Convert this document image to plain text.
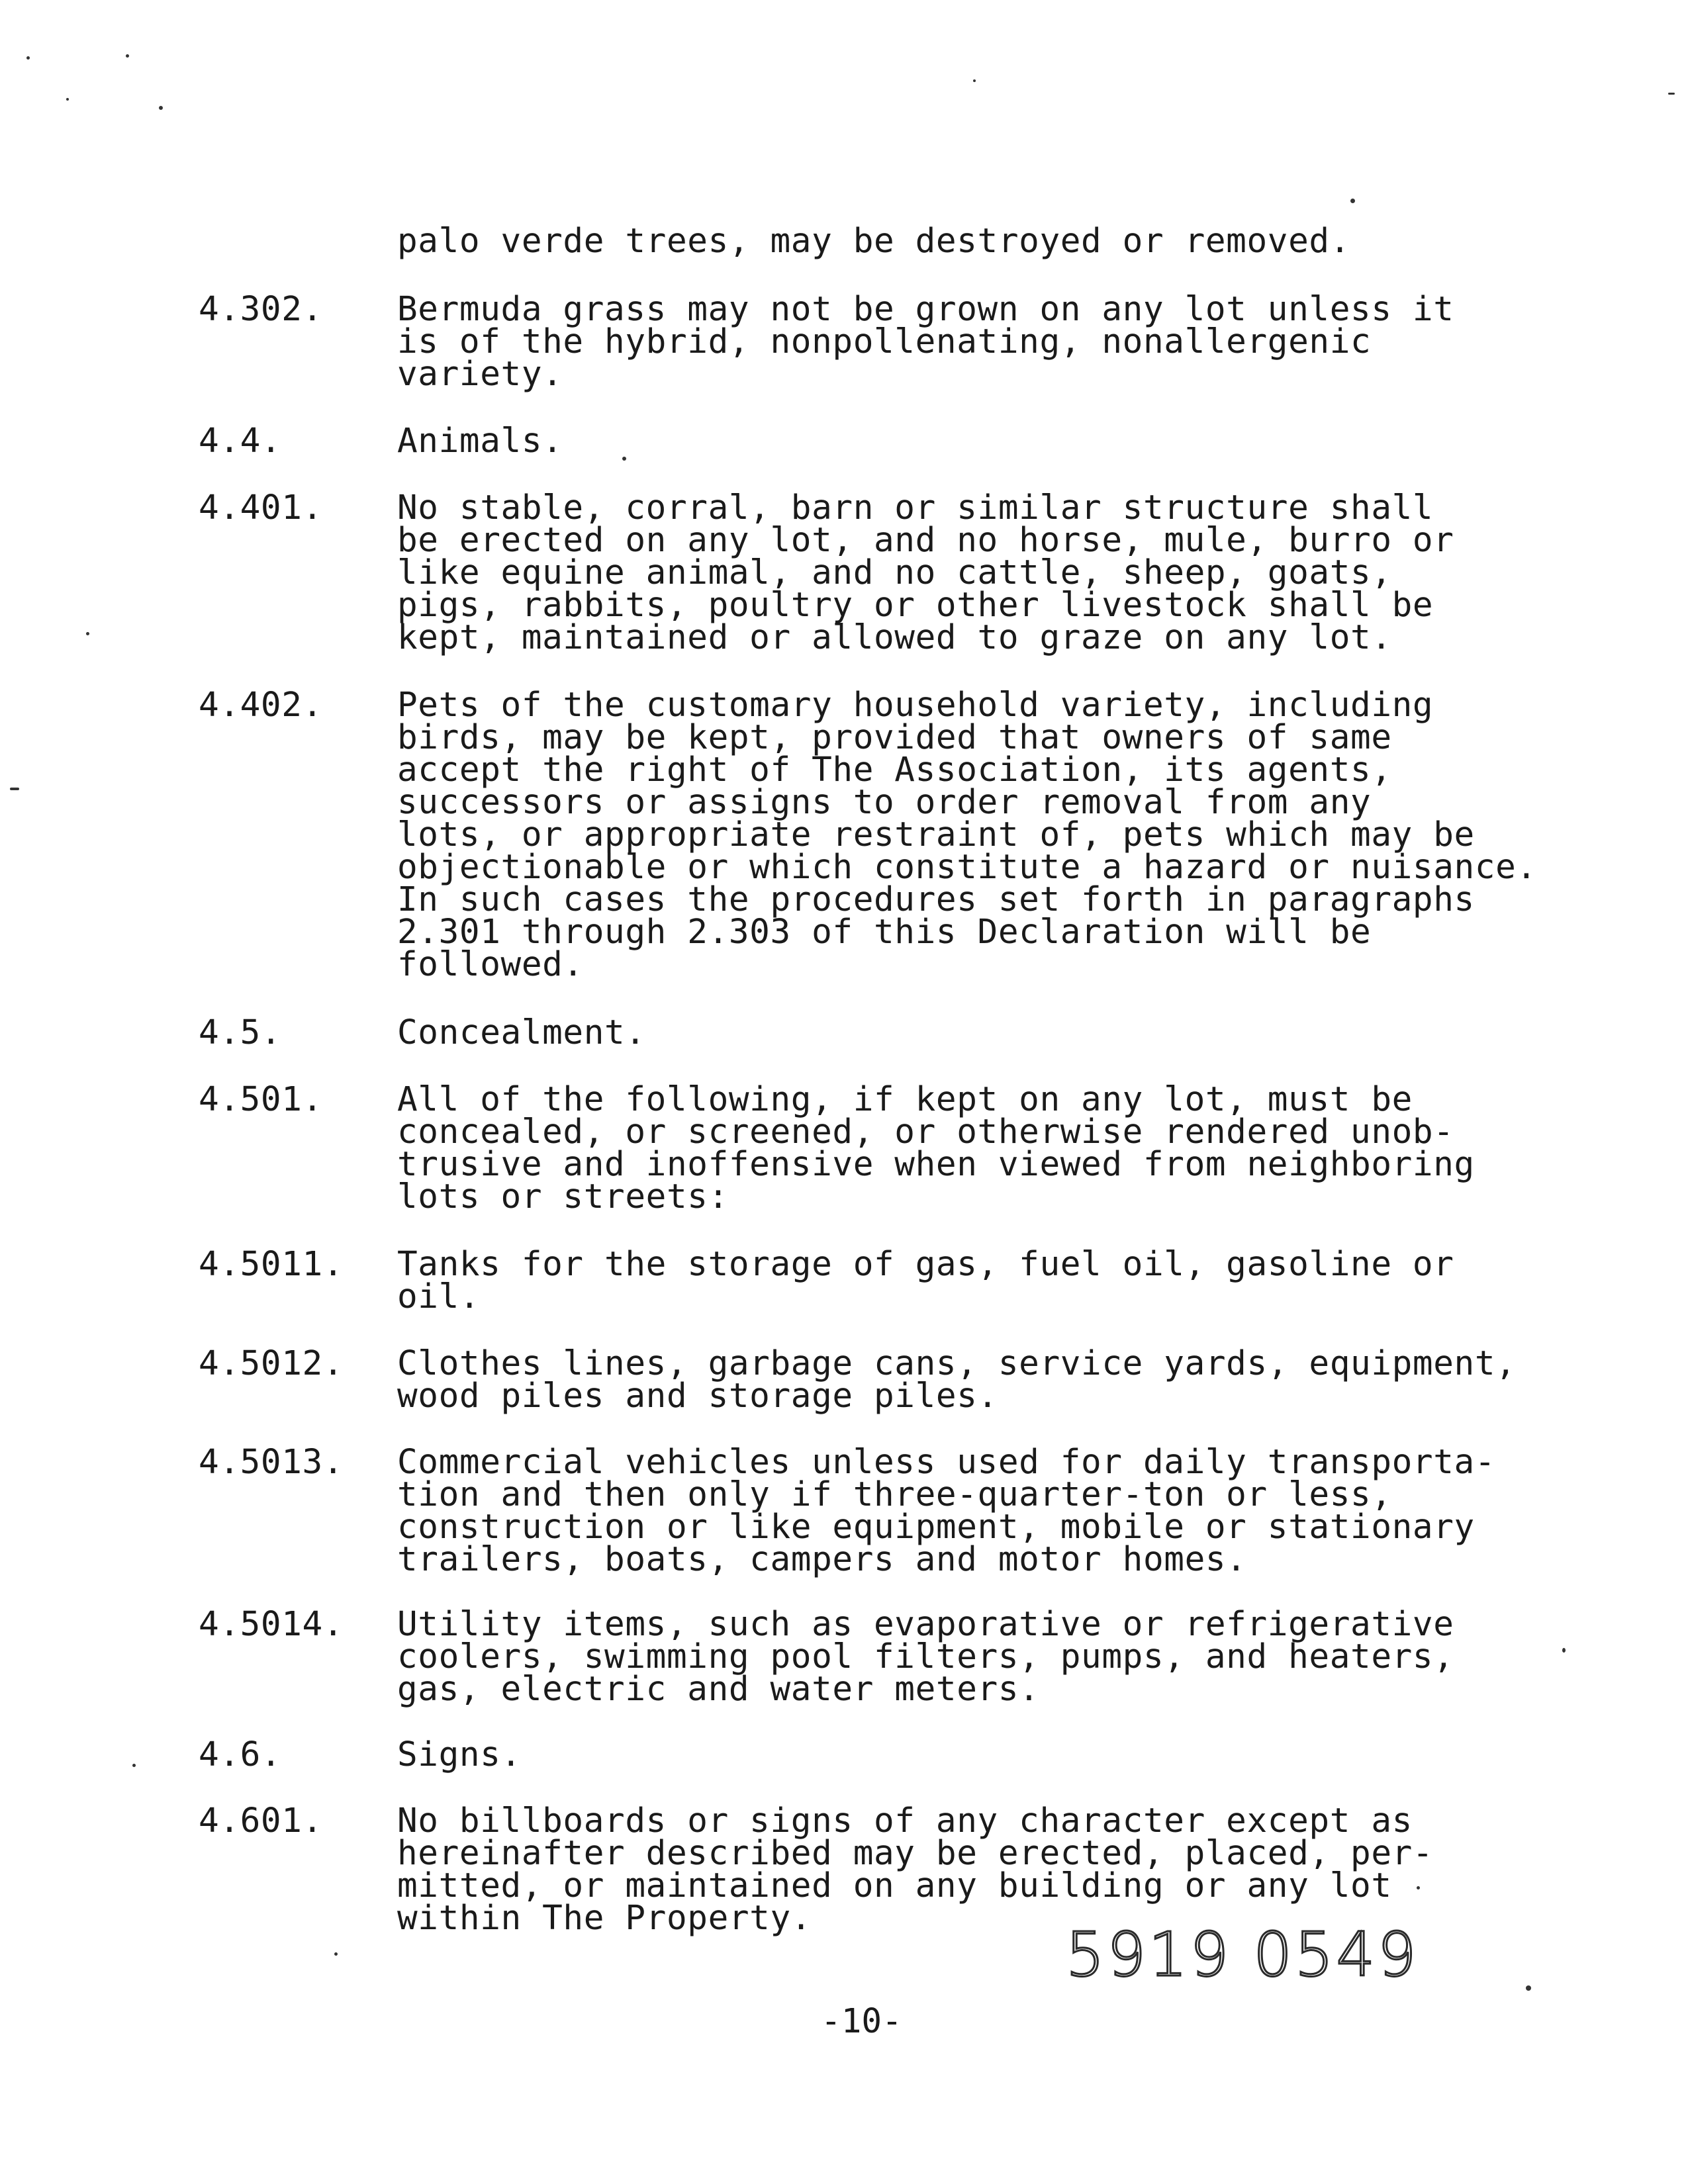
palo verde trees, may be destroyed or removed.
4.302. Bermuda grass may not be grown on any lot unless it
is of the hybrid, nonpollenating, nonallergenic
variety.
4.4.	Animals.
4.401. No stable, corral, barn or similar structure shall
be erected on any lot, and no horse, mule, burro or
like equine animal, and no cattle, sheep, goats,
pigs, rabbits, poultry or other livestock shall be
kept, maintained or allowed to graze on any lot.
4.402. Pets of the customary household variety, including
birds, may be kept, provided that owners of same
accept the right of The Association, its agents,
successors or assigns to order removal from any
lots, or appropriate restraint of, pets which may be
objectionable or which constitute a hazard or nuisance.
In such cases the procedures set forth in paragraphs
2.301 through 2.303 of this Declaration will be
followed.
4.5.	Concealment.
4.501. All of the following, if kept on any lot, must be
concealed, or screened, or otherwise rendered unob-
trusive and inoffensive when viewed from neighboring
lots or streets:
4.5011. Tanks for the storage of gas, fuel oil, gasoline or
oil.
4.5012. Clothes lines, garbage cans, service yards, equipment,
wood piles and storage piles.
4.5013. Commercial vehicles unless used for daily transporta-
tion and then only if three-quarter-ton or less,
construction or like equipment, mobile or stationary
trailers, boats, campers and motor homes.
4.5014. Utility items, such as evaporative or refrigerative
coolers, swimming pool filters, pumps, and heaters,
gas, electric and water meters.
4.6.	Signs.
4.601. No billboards or signs of any character except as
hereinafter described may be erected, placed, per-
mitted, or maintained on any building or any lot
within The Property.
5919 0549
-10-
